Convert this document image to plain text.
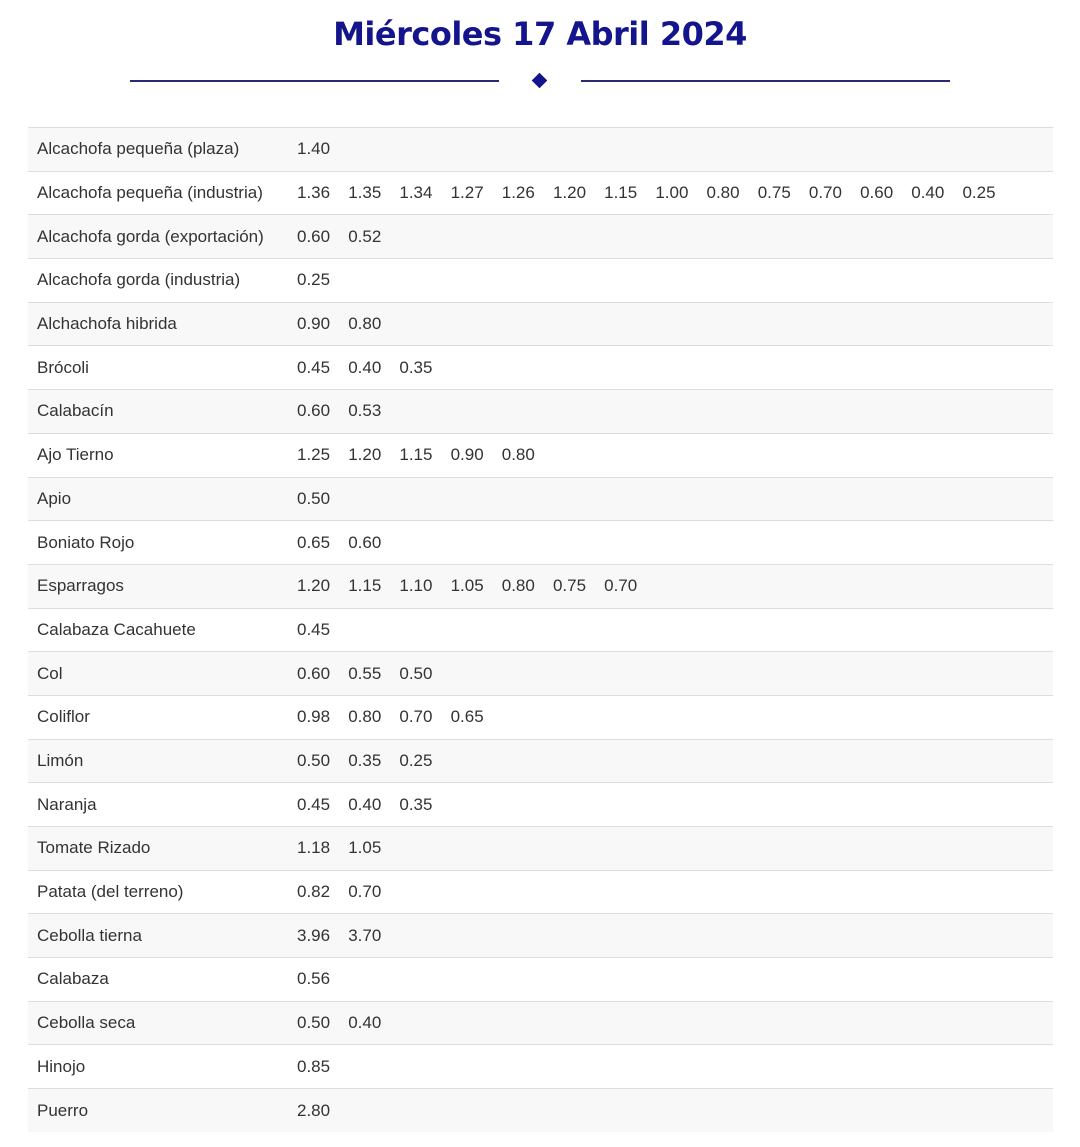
Miércoles 17 Abril 2024
Alcachofa pequeña (plaza)	1.40
Alcachofa pequeña (industria)	1.36 1.35 1.34 1.27 1.26 1.20 1.15 1.00 0.80 0.75 0.70 0.60 0.40 0.25
Alcachofa gorda (exportación)	0.60 0.52
Alcachofa gorda (industria)	0.25
Alchachofa hibrida	0.90 0.80
Brócoli	0.45 0.40 0.35
Calabacín	0.60 0.53
Ajo Tierno	1.25 1.20 1.15 0.90 0.80
Apio	0.50
Boniato Rojo	0.65 0.60
Esparragos	1.20 1.15 1.10 1.05 0.80 0.75 0.70
Calabaza Cacahuete	0.45
Col	0.60 0.55 0.50
Coliflor	0.98 0.80 0.70 0.65
Limón	0.50 0.35 0.25
Naranja	0.45 0.40 0.35
Tomate Rizado	1.18 1.05
Patata (del terreno)	0.82 0.70
Cebolla tierna	3.96 3.70
Calabaza	0.56
Cebolla seca	0.50 0.40
Hinojo	0.85
Puerro	2.80
